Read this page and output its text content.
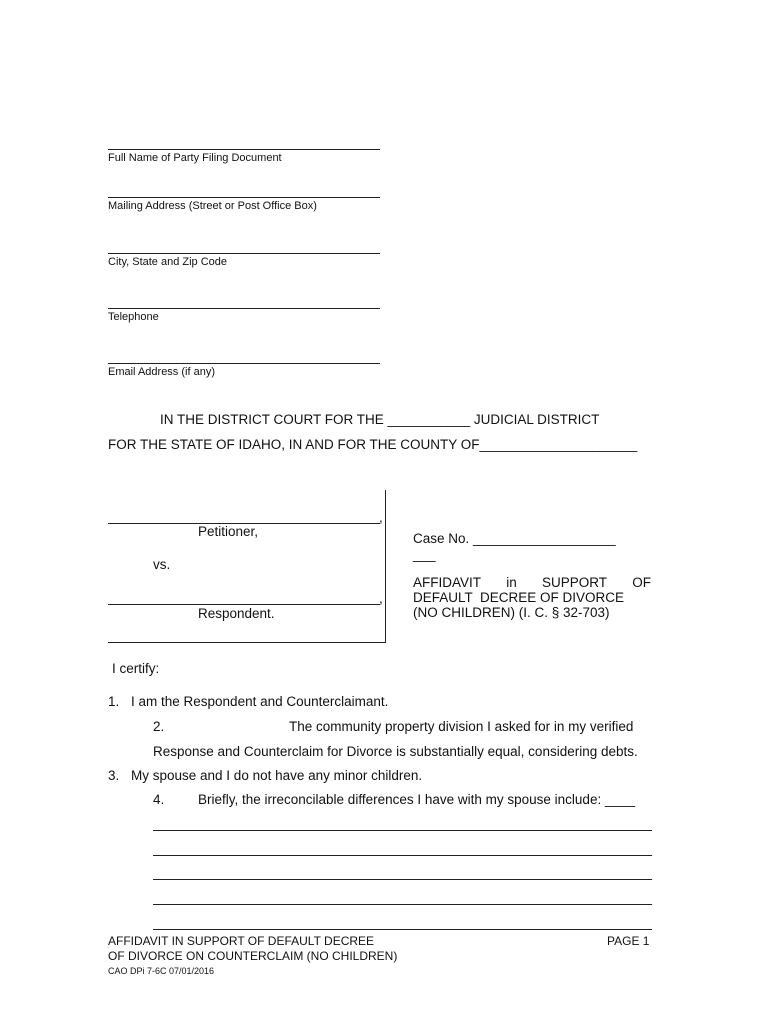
Full Name of Party Filing Document
Mailing Address (Street or Post Office Box)
City, State and Zip Code
Telephone
Email Address (if any)
IN THE DISTRICT COURT FOR THE ___________ JUDICIAL DISTRICT
FOR THE STATE OF IDAHO, IN AND FOR THE COUNTY OF_____________________
,
Petitioner,
vs.
,
Respondent.
Case No. ___________________
___
AFFIDAVIT in SUPPORT OF
DEFAULT  DECREE OF DIVORCE
(NO CHILDREN) (I. C. § 32-703)
I certify:
1. I am the Respondent and Counterclaimant.
2.	The community property division I asked for in my verified
Response and Counterclaim for Divorce is substantially equal, considering debts.
3. My spouse and I do not have any minor children.
4. Briefly, the irreconcilable differences I have with my spouse include: ____
AFFIDAVIT IN SUPPORT OF DEFAULT DECREE
OF DIVORCE ON COUNTERCLAIM (NO CHILDREN)
PAGE 1
CAO DPi 7-6C 07/01/2016
